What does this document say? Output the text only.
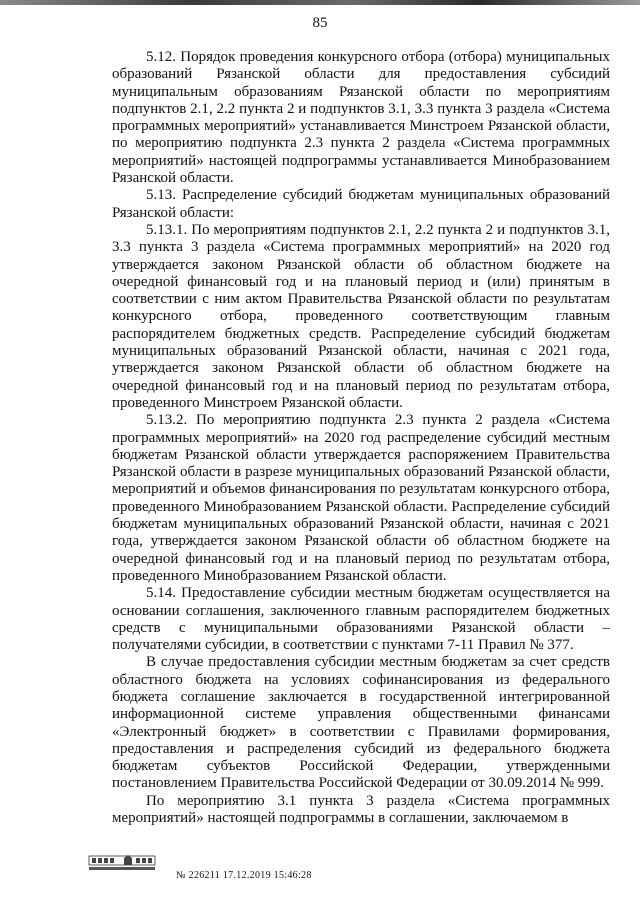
85

5.12. Порядок проведения конкурсного отбора (отбора) муниципальных образований Рязанской области для предоставления субсидий муниципальным образованиям Рязанской области по мероприятиям подпунктов 2.1, 2.2 пункта 2 и подпунктов 3.1, 3.3 пункта 3 раздела «Система программных мероприятий» устанавливается Минстроем Рязанской области, по мероприятию подпункта 2.3 пункта 2 раздела «Система программных мероприятий» настоящей подпрограммы устанавливается Минобразованием Рязанской области.

5.13. Распределение субсидий бюджетам муниципальных образований Рязанской области:

5.13.1. По мероприятиям подпунктов 2.1, 2.2 пункта 2 и подпунктов 3.1, 3.3 пункта 3 раздела «Система программных мероприятий» на 2020 год утверждается законом Рязанской области об областном бюджете на очередной финансовый год и на плановый период и (или) принятым в соответствии с ним актом Правительства Рязанской области по результатам конкурсного отбора, проведенного соответствующим главным распорядителем бюджетных средств. Распределение субсидий бюджетам муниципальных образований Рязанской области, начиная с 2021 года, утверждается законом Рязанской области об областном бюджете на очередной финансовый год и на плановый период по результатам отбора, проведенного Минстроем Рязанской области.

5.13.2. По мероприятию подпункта 2.3 пункта 2 раздела «Система программных мероприятий» на 2020 год распределение субсидий местным бюджетам Рязанской области утверждается распоряжением Правительства Рязанской области в разрезе муниципальных образований Рязанской области, мероприятий и объемов финансирования по результатам конкурсного отбора, проведенного Минобразованием Рязанской области. Распределение субсидий бюджетам муниципальных образований Рязанской области, начиная с 2021 года, утверждается законом Рязанской области об областном бюджете на очередной финансовый год и на плановый период по результатам отбора, проведенного Минобразованием Рязанской области.

5.14. Предоставление субсидии местным бюджетам осуществляется на основании соглашения, заключенного главным распорядителем бюджетных средств с муниципальными образованиями Рязанской области – получателями субсидии, в соответствии с пунктами 7-11 Правил № 377.

В случае предоставления субсидии местным бюджетам за счет средств областного бюджета на условиях софинансирования из федерального бюджета соглашение заключается в государственной интегрированной информационной системе управления общественными финансами «Электронный бюджет» в соответствии с Правилами формирования, предоставления и распределения субсидий из федерального бюджета бюджетам субъектов Российской Федерации, утвержденными постановлением Правительства Российской Федерации от 30.09.2014 № 999.

По мероприятию 3.1 пункта 3 раздела «Система программных мероприятий» настоящей подпрограммы в соглашении, заключаемом в

№ 226211 17.12.2019 15:46:28
